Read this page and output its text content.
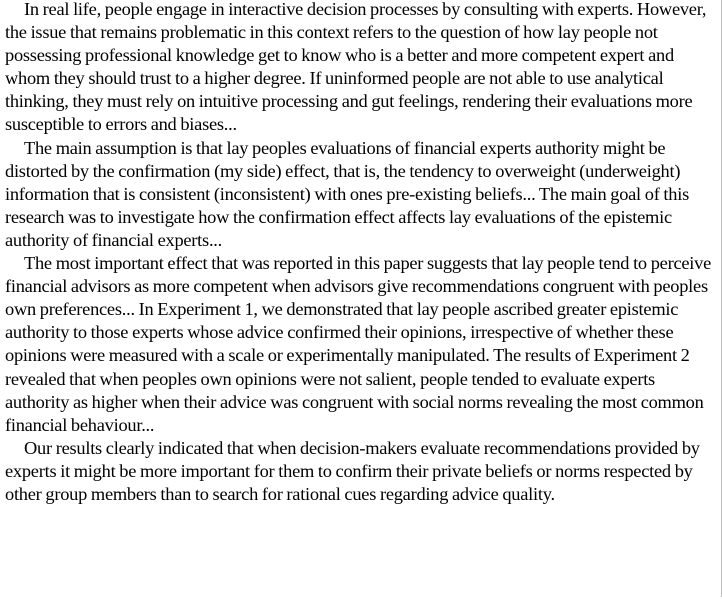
In real life, people engage in interactive decision processes by consulting with experts. However, the issue that remains problematic in this context refers to the question of how lay people not possessing professional knowledge get to know who is a better and more competent expert and whom they should trust to a higher degree. If uninformed people are not able to use analytical thinking, they must rely on intuitive processing and gut feelings, rendering their evaluations more susceptible to errors and biases...

The main assumption is that lay peoples evaluations of financial experts authority might be distorted by the confirmation (my side) effect, that is, the tendency to overweight (underweight) information that is consistent (inconsistent) with ones pre-existing beliefs... The main goal of this research was to investigate how the confirmation effect affects lay evaluations of the epistemic authority of financial experts...

The most important effect that was reported in this paper suggests that lay people tend to perceive financial advisors as more competent when advisors give recommendations congruent with peoples own preferences... In Experiment 1, we demonstrated that lay people ascribed greater epistemic authority to those experts whose advice confirmed their opinions, irrespective of whether these opinions were measured with a scale or experimentally manipulated. The results of Experiment 2 revealed that when peoples own opinions were not salient, people tended to evaluate experts authority as higher when their advice was congruent with social norms revealing the most common financial behaviour...

Our results clearly indicated that when decision-makers evaluate recommendations provided by experts it might be more important for them to confirm their private beliefs or norms respected by other group members than to search for rational cues regarding advice quality.
